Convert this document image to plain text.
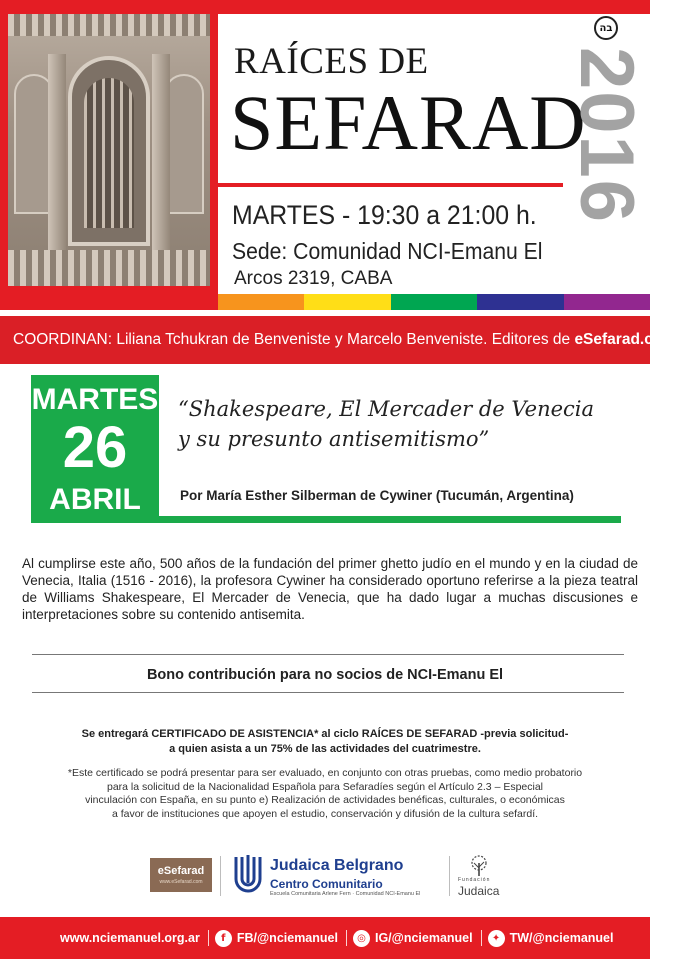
RAÍCES DE
SEFARAD
2016
בה
MARTES - 19:30 a 21:00 h.
Sede: Comunidad NCI-Emanu El
Arcos 2319, CABA
COORDINAN: Liliana Tchukran de Benveniste y Marcelo Benveniste. Editores de
eSefarad.com
MARTES
26
ABRIL
“Shakespeare, El Mercader de Venecia
y su presunto antisemitismo”
Por María Esther Silberman de Cywiner (Tucumán, Argentina)
Al cumplirse este año, 500 años de la fundación del primer ghetto judío en el mundo y en la ciudad de Venecia, Italia (1516 - 2016), la profesora Cywiner ha considerado oportuno referirse a la pieza teatral de Williams Shakespeare, El Mercader de Venecia, que ha dado lugar a muchas discusiones e interpretaciones sobre su contenido antisemita.
Bono contribución para no socios de NCI-Emanu El
Se entregará CERTIFICADO DE ASISTENCIA* al ciclo RAÍCES DE SEFARAD -previa solicitud-
a quien asista a un 75% de las actividades del cuatrimestre.
*Este certificado se podrá presentar para ser evaluado, en conjunto con otras pruebas, como medio probatorio
para la solicitud de la Nacionalidad Española para Sefaradíes según el Artículo 2.3 – Especial
vinculación con España, en su punto e) Realización de actividades benéficas, culturales, o económicas
a favor de instituciones que apoyen el estudio, conservación y difusión de la cultura sefardí.
eSefarad
www.eSefarad.com
Judaica Belgrano
Centro Comunitario
Escuela Comunitaria Arlene Fern · Comunidad NCI-Emanu El
Fundación
Judaica
www.nciemanuel.org.ar	f FB/@nciemanuel	◎ IG/@nciemanuel	✦ TW/@nciemanuel
